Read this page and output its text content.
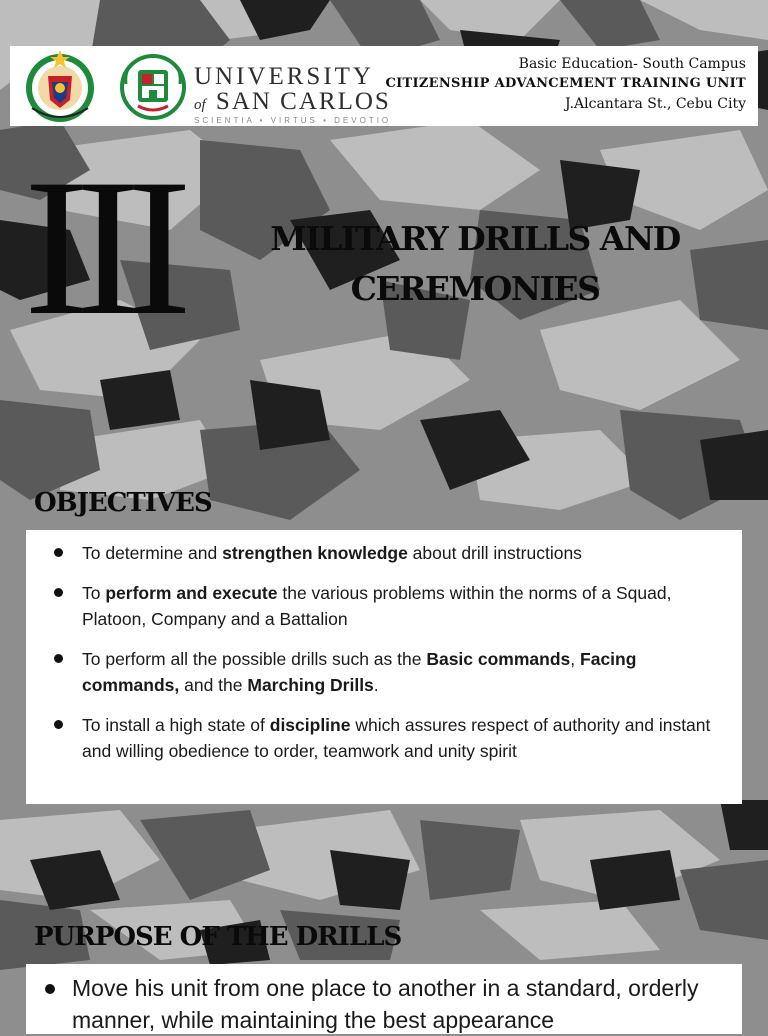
UNIVERSITY
of SAN CARLOS
SCIENTIA • VIRTUS • DEVOTIO
Basic Education- South Campus
CITIZENSHIP ADVANCEMENT TRAINING UNIT
J.Alcantara St., Cebu City
III	MILITARY DRILLS AND
CEREMONIES
OBJECTIVES
To determine and strengthen knowledge about drill instructions
To perform and execute the various problems within the norms of a Squad, Platoon, Company and a Battalion
To perform all the possible drills such as the Basic commands, Facing commands, and the Marching Drills.
To install a high state of discipline which assures respect of authority and instant and willing obedience to order, teamwork and unity spirit
PURPOSE OF THE DRILLS
Move his unit from one place to another in a standard, orderly manner, while maintaining the best appearance
